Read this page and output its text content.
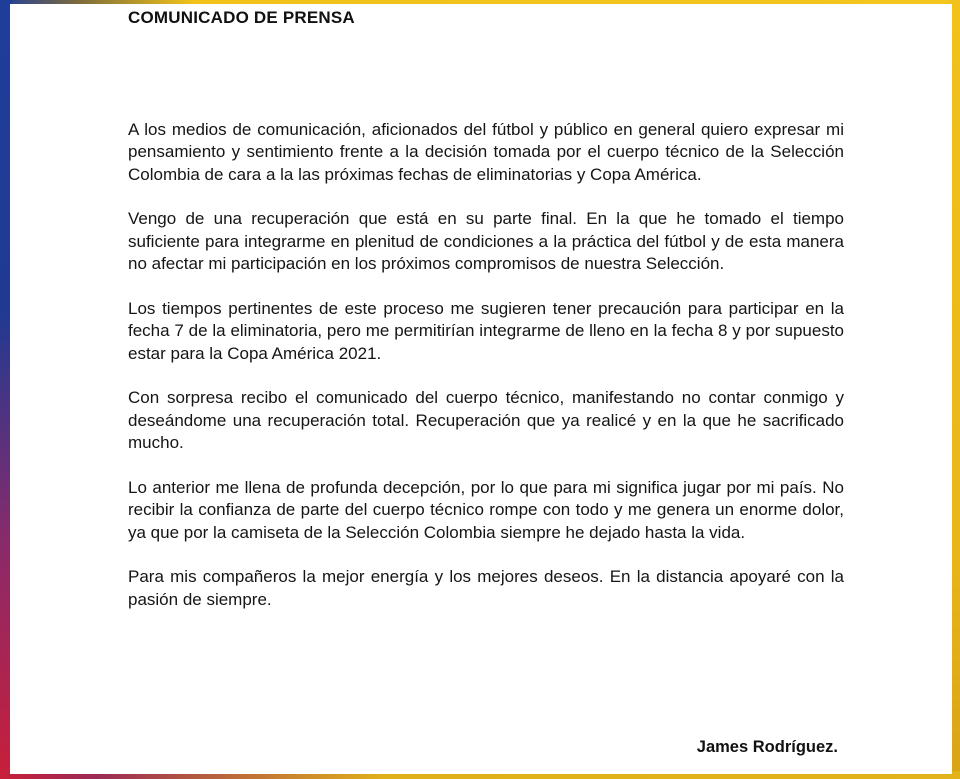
COMUNICADO DE PRENSA

A los medios de comunicación, aficionados del fútbol y público en general quiero expresar mi pensamiento y sentimiento frente a la decisión tomada por el cuerpo técnico de la Selección Colombia de cara a la las próximas fechas de eliminatorias y Copa América.

Vengo de una recuperación que está en su parte final. En la que he tomado el tiempo suficiente para integrarme en plenitud de condiciones a la práctica del fútbol y de esta manera no afectar mi participación en los próximos compromisos de nuestra Selección.

Los tiempos pertinentes de este proceso me sugieren tener precaución para participar en la fecha 7 de la eliminatoria, pero me permitirían integrarme de lleno en la fecha 8 y por supuesto estar para la Copa América 2021.

Con sorpresa recibo el comunicado del cuerpo técnico, manifestando no contar conmigo y deseándome una recuperación total. Recuperación que ya realicé y en la que he sacrificado mucho.

Lo anterior me llena de profunda decepción, por lo que para mi significa jugar por mi país. No recibir la confianza de parte del cuerpo técnico rompe con todo y me genera un enorme dolor, ya que por la camiseta de la Selección Colombia siempre he dejado hasta la vida.

Para mis compañeros la mejor energía y los mejores deseos. En la distancia apoyaré con la pasión de siempre.

James Rodríguez.
